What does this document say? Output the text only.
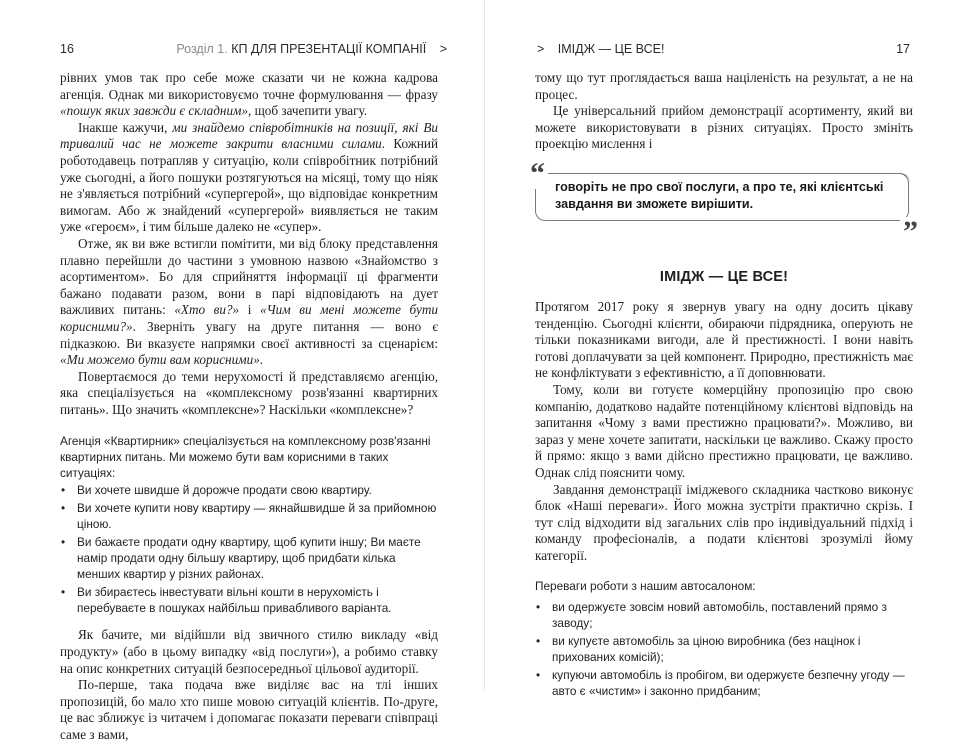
16	Розділ 1. КП ДЛЯ ПРЕЗЕНТАЦІЇ КОМПАНІЇ >

рівних умов так про себе може сказати чи не кожна кадрова агенція. Однак ми використовуємо точне формулювання — фразу «пошук яких завжди є складним», щоб зачепити увагу.

Інакше кажучи, ми знайдемо співробітників на позиції, які Ви тривалий час не можете закрити власними силами. Кожний роботодавець потрапляв у ситуацію, коли співробітник потрібний уже сьогодні, а його пошуки розтягуються на місяці, тому що ніяк не з'являється потрібний «супергерой», що відповідає конкретним вимогам. Або ж знайдений «супергерой» виявляється не таким уже «героєм», і тим більше далеко не «супер».

Отже, як ви вже встигли помітити, ми від блоку представлення плавно перейшли до частини з умовною назвою «Знайомство з асортиментом». Бо для сприйняття інформації ці фрагменти бажано подавати разом, вони в парі відповідають на дует важливих питань: «Хто ви?» і «Чим ви мені можете бути корисними?». Зверніть увагу на друге питання — воно є підказкою. Ви вказуєте напрямки своєї активності за сценарієм: «Ми можемо бути вам корисними».

Повертаємося до теми нерухомості й представляємо агенцію, яка спеціалізується на «комплексному розв'язанні квартирних питань». Що значить «комплексне»? Наскільки «комплексне»?

Агенція «Квартирник» спеціалізується на комплексному розв'язанні квартирних питань. Ми можемо бути вам корисними в таких ситуаціях:

• Ви хочете швидше й дорожче продати свою квартиру.
• Ви хочете купити нову квартиру — якнайшвидше й за прийомною ціною.
• Ви бажаєте продати одну квартиру, щоб купити іншу; Ви маєте намір продати одну більшу квартиру, щоб придбати кілька менших квартир у різних районах.
• Ви збираєтесь інвестувати вільні кошти в нерухомість і перебуваєте в пошуках найбільш привабливого варіанта.

Як бачите, ми відійшли від звичного стилю викладу «від продукту» (або в цьому випадку «від послуги»), а робимо ставку на опис конкретних ситуацій безпосередньої цільової аудиторії.

По-перше, така подача вже виділяє вас на тлі інших пропозицій, бо мало хто пише мовою ситуацій клієнтів. По-друге, це вас зближує із читачем і допомагає показати переваги співпраці саме з вами,

> ІМІДЖ — ЦЕ ВСЕ!	17

тому що тут проглядається ваша націленість на результат, а не на процес.

Це універсальний прийом демонстрації асортименту, який ви можете використовувати в різних ситуаціях. Просто змініть проекцію мислення і

“ говоріть не про свої послуги, а про те, які клієнтські завдання ви зможете вирішити.
”
ІМІДЖ — ЦЕ ВСЕ!

Протягом 2017 року я звернув увагу на одну досить цікаву тенденцію. Сьогодні клієнти, обираючи підрядника, оперують не тільки показниками вигоди, але й престижності. І вони навіть готові доплачувати за цей компонент. Природно, престижність має не конфліктувати з ефективністю, а її доповнювати.

Тому, коли ви готуєте комерційну пропозицію про свою компанію, додатково надайте потенційному клієнтові відповідь на запитання «Чому з вами престижно працювати?». Можливо, ви зараз у мене хочете запитати, наскільки це важливо. Скажу просто й прямо: якщо з вами дійсно престижно працювати, це важливо. Однак слід пояснити чому.

Завдання демонстрації іміджевого складника частково виконує блок «Наші переваги». Його можна зустріти практично скрізь. І тут слід відходити від загальних слів про індивідуальний підхід і команду професіоналів, а подати клієнтові зрозумілі йому категорії.

Переваги роботи з нашим автосалоном:

• ви одержуєте зовсім новий автомобіль, поставлений прямо з заводу;
• ви купуєте автомобіль за ціною виробника (без націнок і прихованих комісій);
• купуючи автомобіль із пробігом, ви одержуєте безпечну угоду — авто є «чистим» і законно придбаним;
